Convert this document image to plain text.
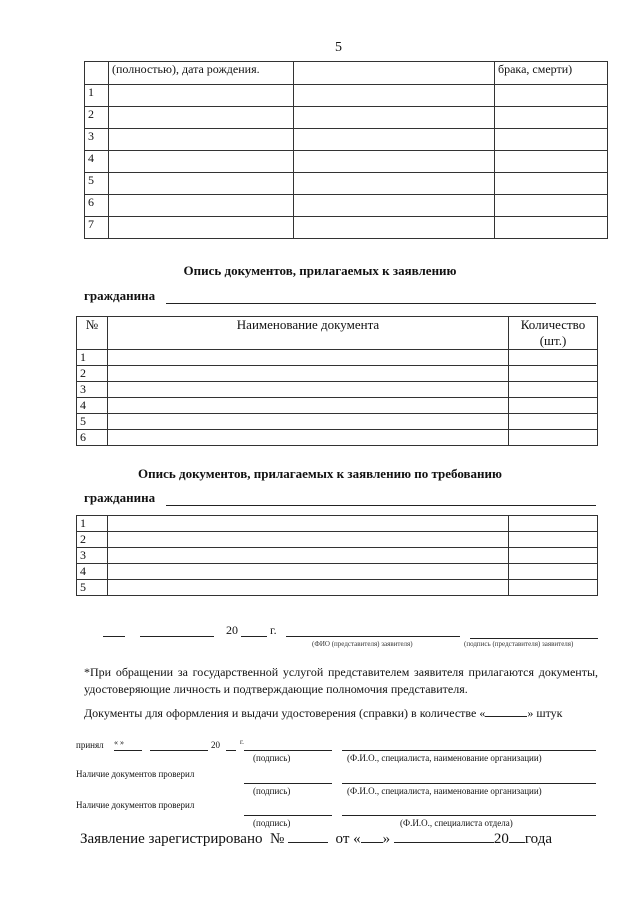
5
	(полностью), дата рождения.		брака, смерти)
1			
2			
3			
4			
5			
6			
7			
Опись документов, прилагаемых к заявлению
гражданина
№	Наименование документа	Количество (шт.)
1		
2		
3		
4		
5		
6		
Опись документов, прилагаемых к заявлению по требованию
гражданина
1		
2		
3		
4		
5		
20	г.
(ФИО (представителя) заявителя)	(подпись (представителя) заявителя)
*При обращении за государственной услугой представителем заявителя прилагаются документы, удостоверяющие личность и подтверждающие полномочия представителя.
Документы для оформления и выдачи удостоверения (справки) в количестве «	» штук
принял « »	20	г.
(подпись)	(Ф.И.О., специалиста, наименование организации)
Наличие документов проверил
(подпись)	(Ф.И.О., специалиста, наименование организации)
Наличие документов проверил
(подпись)	(Ф.И.О., специалиста отдела)
Заявление зарегистрировано  №	от « »	20 года
